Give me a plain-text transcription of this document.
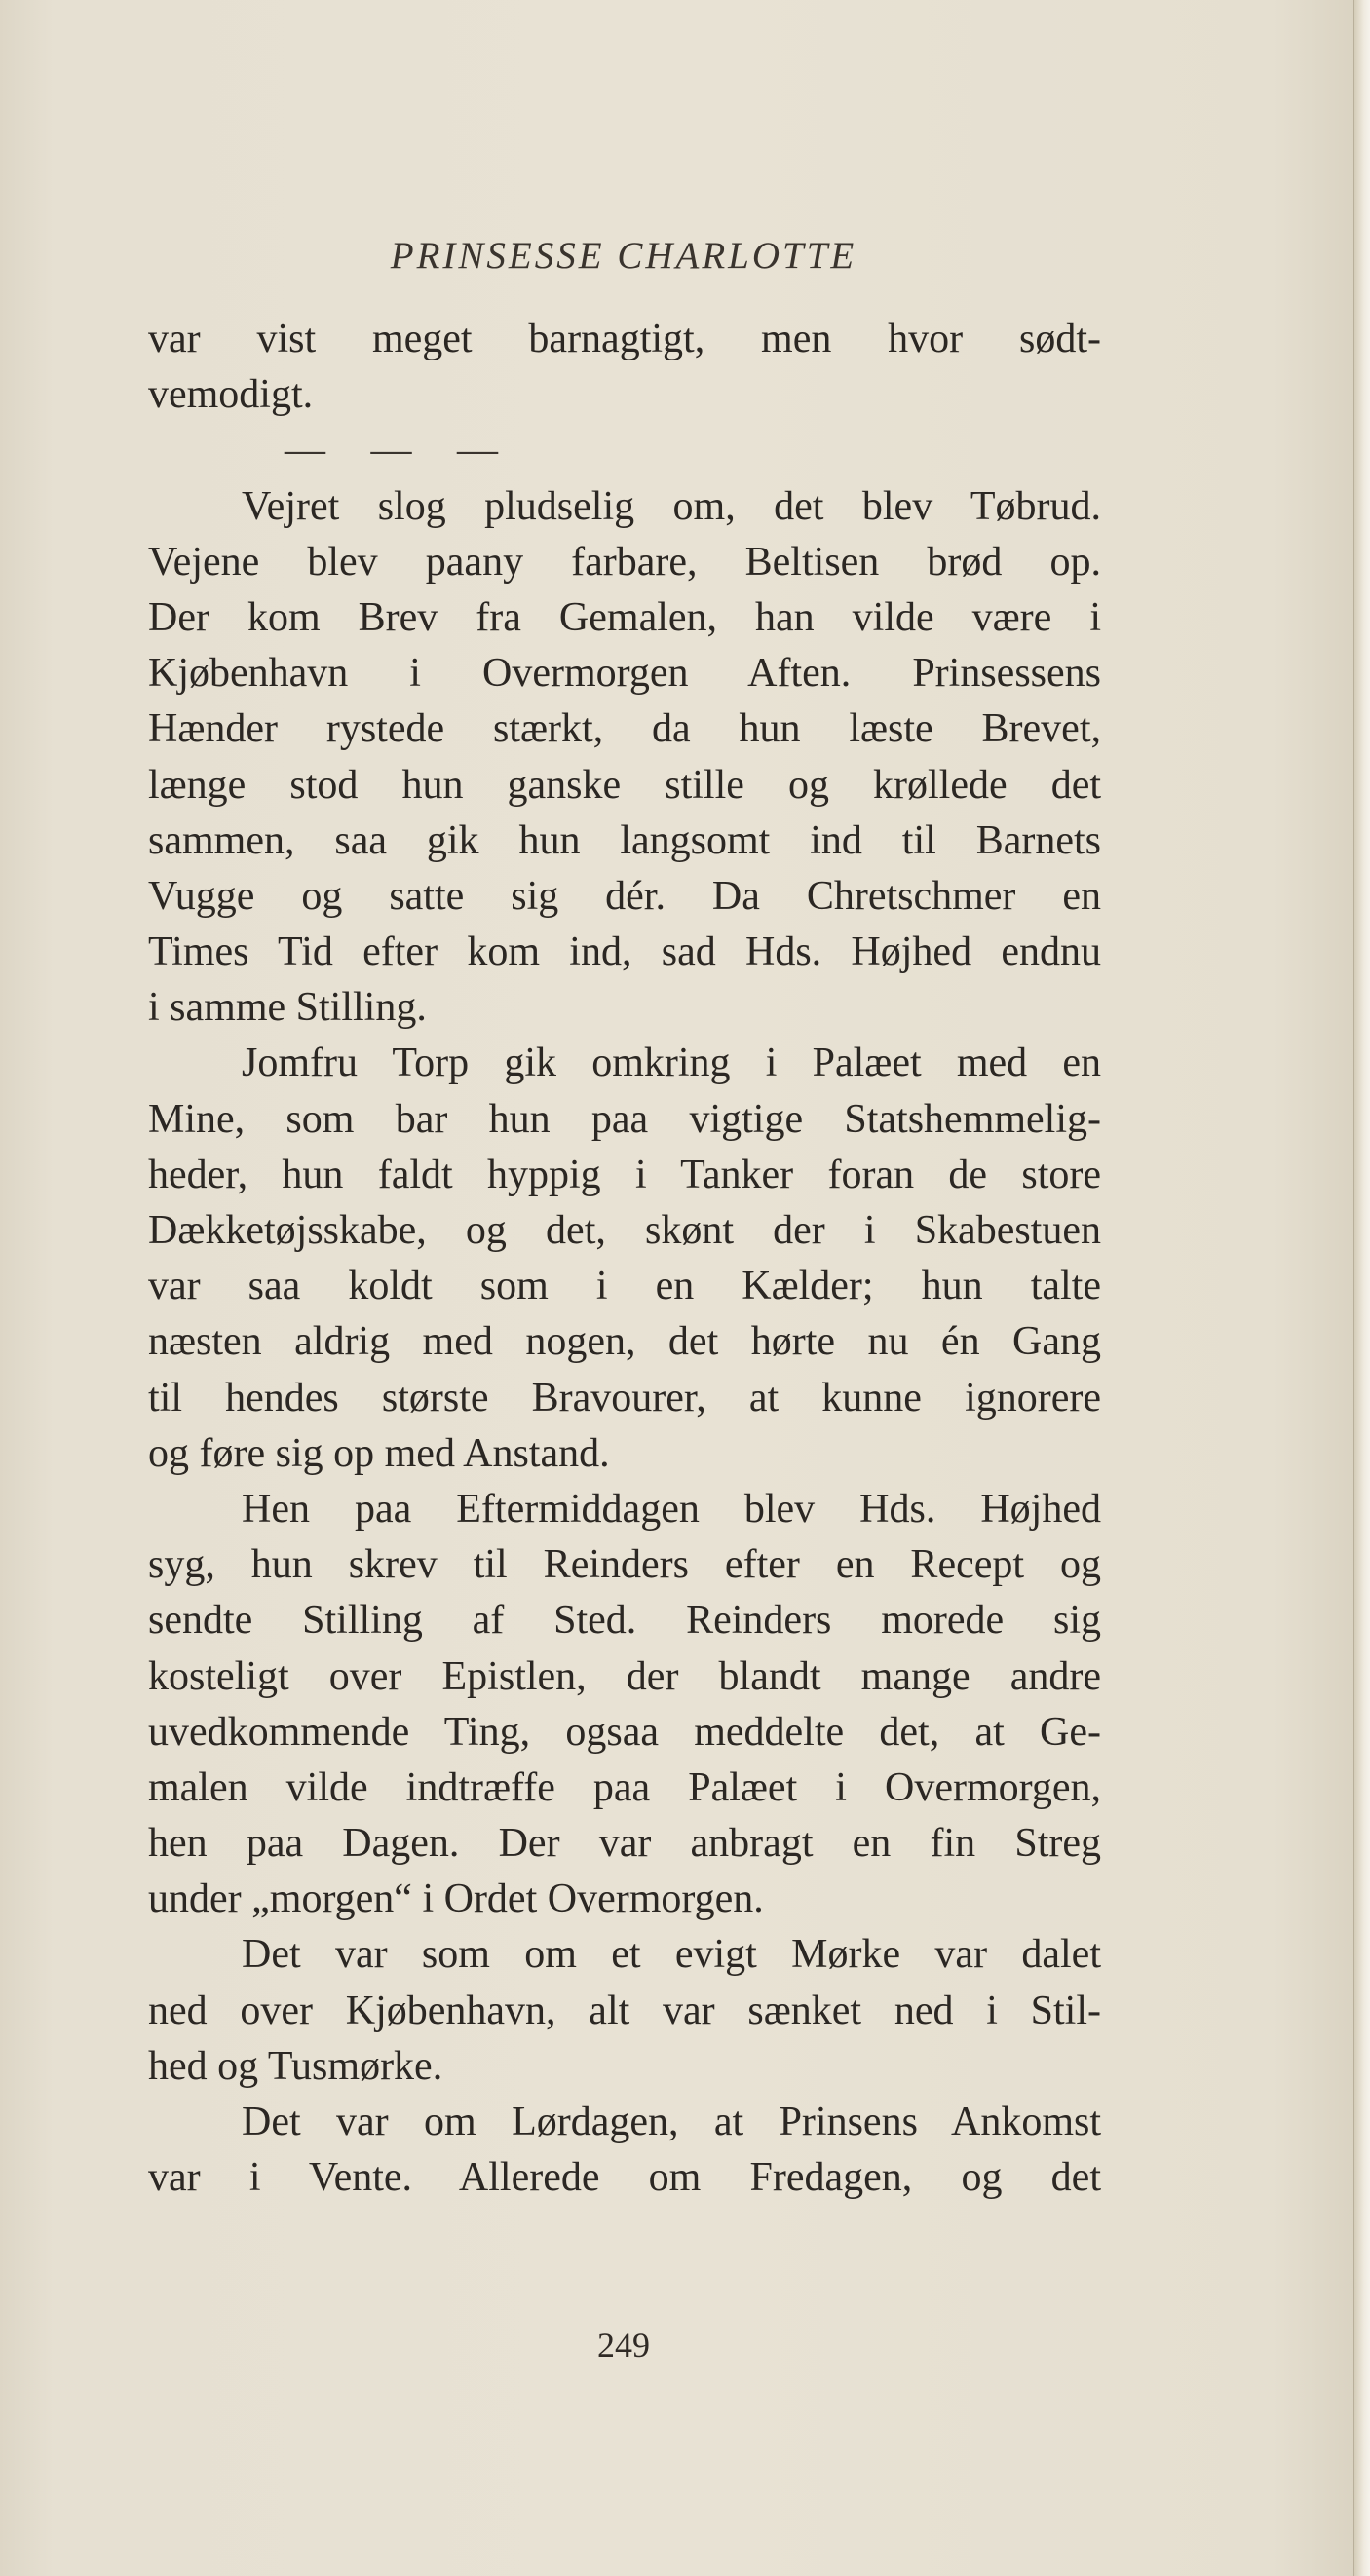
PRINSESSE CHARLOTTE
var vist meget barnagtigt, men hvor sødt-
vemodigt.
— — —
Vejret slog pludselig om, det blev Tøbrud.
Vejene blev paany farbare, Beltisen brød op.
Der kom Brev fra Gemalen, han vilde være i
Kjøbenhavn i Overmorgen Aften. Prinsessens
Hænder rystede stærkt, da hun læste Brevet,
længe stod hun ganske stille og krøllede det
sammen, saa gik hun langsomt ind til Barnets
Vugge og satte sig dér. Da Chretschmer en
Times Tid efter kom ind, sad Hds. Højhed endnu
i samme Stilling.
Jomfru Torp gik omkring i Palæet med en
Mine, som bar hun paa vigtige Statshemmelig-
heder, hun faldt hyppig i Tanker foran de store
Dækketøjsskabe, og det, skønt der i Skabestuen
var saa koldt som i en Kælder; hun talte
næsten aldrig med nogen, det hørte nu én Gang
til hendes største Bravourer, at kunne ignorere
og føre sig op med Anstand.
Hen paa Eftermiddagen blev Hds. Højhed
syg, hun skrev til Reinders efter en Recept og
sendte Stilling af Sted. Reinders morede sig
kosteligt over Epistlen, der blandt mange andre
uvedkommende Ting, ogsaa meddelte det, at Ge-
malen vilde indtræffe paa Palæet i Overmorgen,
hen paa Dagen. Der var anbragt en fin Streg
under „morgen“ i Ordet Overmorgen.
Det var som om et evigt Mørke var dalet
ned over Kjøbenhavn, alt var sænket ned i Stil-
hed og Tusmørke.
Det var om Lørdagen, at Prinsens Ankomst
var i Vente. Allerede om Fredagen, og det
249
